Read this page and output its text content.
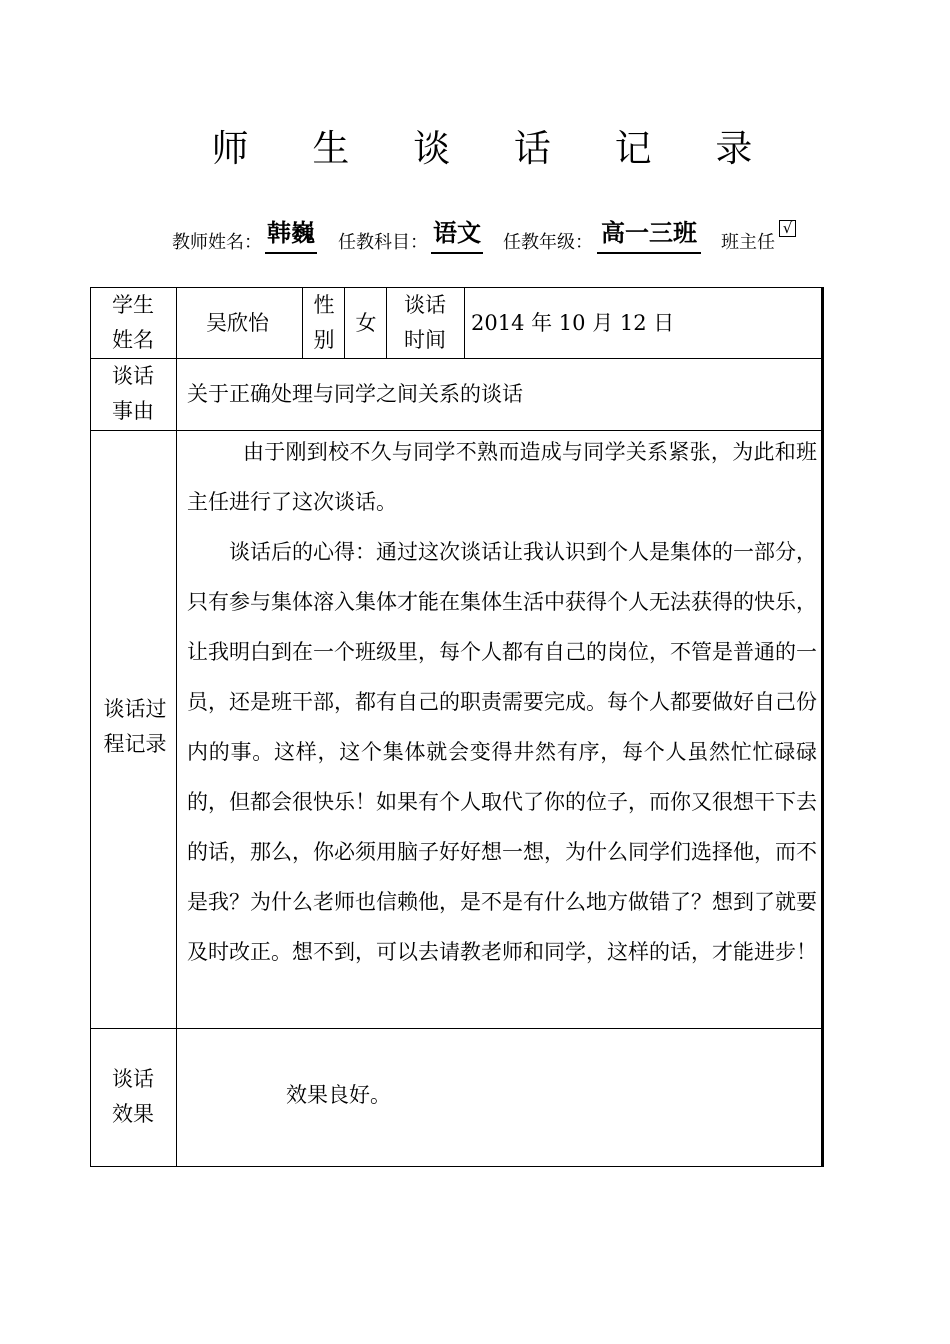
师 生 谈 话 记 录
教师姓名： 韩巍 任教科目： 语文 任教年级： 高一三班 班主任
√
学生
姓名
吴欣怡
性
别
女
谈话
时间
2014 年 10 月 12 日
谈话
事由
关于正确处理与同学之间关系的谈话
谈话过
程记录
由于刚到校不久与同学不熟而造成与同学关系紧张，为此和班主任进行了这次谈话。
谈话后的心得：通过这次谈话让我认识到个人是集体的一部分，只有参与集体溶入集体才能在集体生活中获得个人无法获得的快乐，让我明白到在一个班级里，每个人都有自己的岗位，不管是普通的一员，还是班干部，都有自己的职责需要完成。每个人都要做好自己份内的事。这样，这个集体就会变得井然有序，每个人虽然忙忙碌碌的，但都会很快乐！如果有个人取代了你的位子，而你又很想干下去的话，那么，你必须用脑子好好想一想，为什么同学们选择他，而不是我？为什么老师也信赖他，是不是有什么地方做错了？想到了就要及时改正。想不到，可以去请教老师和同学，这样的话，才能进步！
谈话
效果
效果良好。
